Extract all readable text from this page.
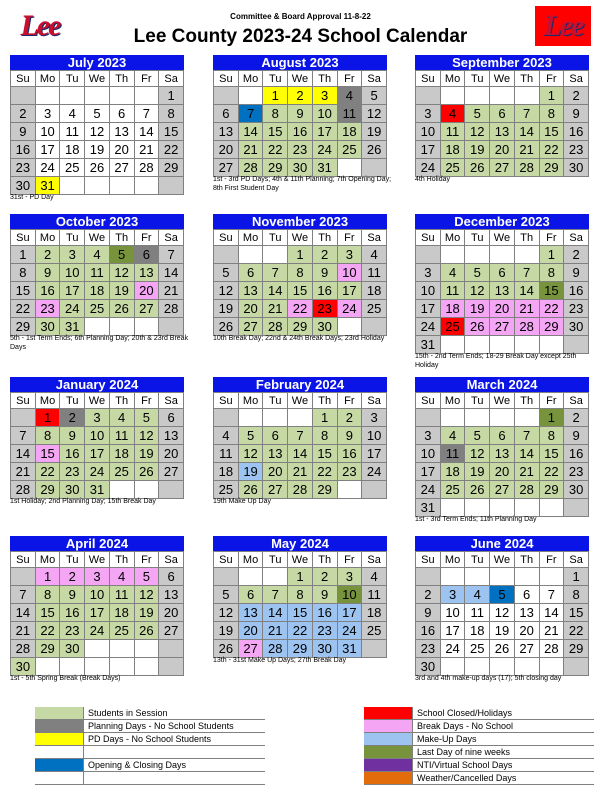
Lee	Committee & Board Approval 11-8-22
Lee County 2023-24 School Calendar	Lee
July 2023
Su	Mo	Tu	We	Th	Fr	Sa
						1
2	3	4	5	6	7	8
9	10	11	12	13	14	15
16	17	18	19	20	21	22
23	24	25	26	27	28	29
30	31					
31st - PD Day
August 2023
Su	Mo	Tu	We	Th	Fr	Sa
		1	2	3	4	5
6	7	8	9	10	11	12
13	14	15	16	17	18	19
20	21	22	23	24	25	26
27	28	29	30	31		
1st - 3rd PD Days; 4th & 11th Planning; 7th Opening Day; 8th First Student Day
September 2023
Su	Mo	Tu	We	Th	Fr	Sa
					1	2
3	4	5	6	7	8	9
10	11	12	13	14	15	16
17	18	19	20	21	22	23
24	25	26	27	28	29	30
4th Holiday
October 2023
Su	Mo	Tu	We	Th	Fr	Sa
1	2	3	4	5	6	7
8	9	10	11	12	13	14
15	16	17	18	19	20	21
22	23	24	25	26	27	28
29	30	31				
5th - 1st Term Ends; 6th Planning Day; 20th & 23rd Break Days
November 2023
Su	Mo	Tu	We	Th	Fr	Sa
			1	2	3	4
5	6	7	8	9	10	11
12	13	14	15	16	17	18
19	20	21	22	23	24	25
26	27	28	29	30		
10th Break Day; 22nd & 24th Break Days; 23rd Holiday
December 2023
Su	Mo	Tu	We	Th	Fr	Sa
					1	2
3	4	5	6	7	8	9
10	11	12	13	14	15	16
17	18	19	20	21	22	23
24	25	26	27	28	29	30
31						
15th - 2nd Term Ends; 18-29 Break Day except 25th Holiday
January 2024
Su	Mo	Tu	We	Th	Fr	Sa
	1	2	3	4	5	6
7	8	9	10	11	12	13
14	15	16	17	18	19	20
21	22	23	24	25	26	27
28	29	30	31			
1st Holiday; 2nd Planning Day; 15th Break Day
February 2024
Su	Mo	Tu	We	Th	Fr	Sa
				1	2	3
4	5	6	7	8	9	10
11	12	13	14	15	16	17
18	19	20	21	22	23	24
25	26	27	28	29		
19th Make Up Day
March 2024
Su	Mo	Tu	We	Th	Fr	Sa
					1	2
3	4	5	6	7	8	9
10	11	12	13	14	15	16
17	18	19	20	21	22	23
24	25	26	27	28	29	30
31						
1st - 3rd Term Ends; 11th Planning Day
April 2024
Su	Mo	Tu	We	Th	Fr	Sa
	1	2	3	4	5	6
7	8	9	10	11	12	13
14	15	16	17	18	19	20
21	22	23	24	25	26	27
28	29	30				
30						
1st - 5th Spring Break (Break Days)
May 2024
Su	Mo	Tu	We	Th	Fr	Sa
			1	2	3	4
5	6	7	8	9	10	11
12	13	14	15	16	17	18
19	20	21	22	23	24	25
26	27	28	29	30	31	
13th - 31st Make Up Days; 27th Break Day
June 2024
Su	Mo	Tu	We	Th	Fr	Sa
						1
2	3	4	5	6	7	8
9	10	11	12	13	14	15
16	17	18	19	20	21	22
23	24	25	26	27	28	29
30						
3rd and 4th make-up days (17); 5th closing day
Students in Session
Planning Days - No School Students
PD Days - No School Students
Opening & Closing Days
School Closed/Holidays
Break Days - No School
Make-Up Days
Last Day of nine weeks
NTI/Virtual School Days
Weather/Cancelled Days
